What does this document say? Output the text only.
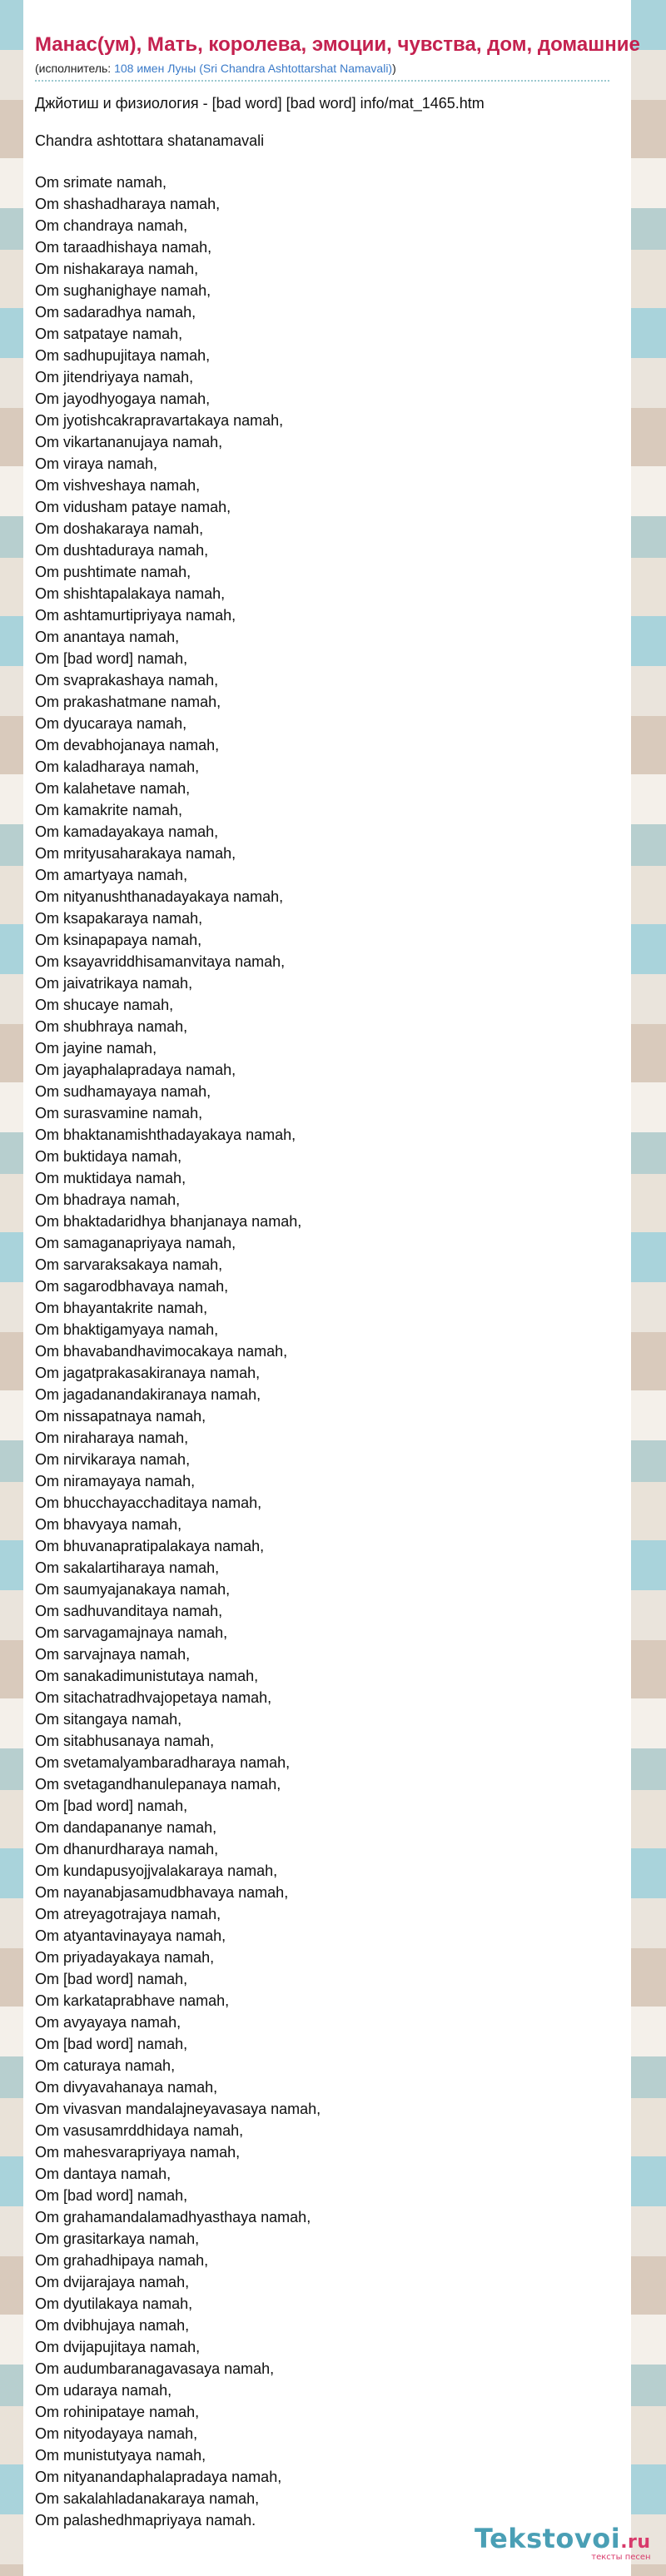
Манас(ум), Мать, королева, эмоции, чувства, дом, домашние
(исполнитель: 108 имен Луны (Sri Chandra Ashtottarshat Namavali))
Джйотиш и физиология - [bad word] [bad word] info/mat_1465.htm
Chandra ashtottara shatanamavali
Om srimate namah,
Om shashadharaya namah,
Om chandraya namah,
Om taraadhishaya namah,
Om nishakaraya namah,
Om sughanighaye namah,
Om sadaradhya namah,
Om satpataye namah,
Om sadhupujitaya namah,
Om jitendriyaya namah,
Om jayodhyogaya namah,
Om jyotishcakrapravartakaya namah,
Om vikartananujaya namah,
Om viraya namah,
Om vishveshaya namah,
Om vidusham pataye namah,
Om doshakaraya namah,
Om dushtaduraya namah,
Om pushtimate namah,
Om shishtapalakaya namah,
Om ashtamurtipriyaya namah,
Om anantaya namah,
Om [bad word] namah,
Om svaprakashaya namah,
Om prakashatmane namah,
Om dyucaraya namah,
Om devabhojanaya namah,
Om kaladharaya namah,
Om kalahetave namah,
Om kamakrite namah,
Om kamadayakaya namah,
Om mrityusaharakaya namah,
Om amartyaya namah,
Om nityanushthanadayakaya namah,
Om ksapakaraya namah,
Om ksinapapaya namah,
Om ksayavriddhisamanvitaya namah,
Om jaivatrikaya namah,
Om shucaye namah,
Om shubhraya namah,
Om jayine namah,
Om jayaphalapradaya namah,
Om sudhamayaya namah,
Om surasvamine namah,
Om bhaktanamishthadayakaya namah,
Om buktidaya namah,
Om muktidaya namah,
Om bhadraya namah,
Om bhaktadaridhya bhanjanaya namah,
Om samaganapriyaya namah,
Om sarvaraksakaya namah,
Om sagarodbhavaya namah,
Om bhayantakrite namah,
Om bhaktigamyaya namah,
Om bhavabandhavimocakaya namah,
Om jagatprakasakiranaya namah,
Om jagadanandakiranaya namah,
Om nissapatnaya namah,
Om niraharaya namah,
Om nirvikaraya namah,
Om niramayaya namah,
Om bhucchayacchaditaya namah,
Om bhavyaya namah,
Om bhuvanapratipalakaya namah,
Om sakalartiharaya namah,
Om saumyajanakaya namah,
Om sadhuvanditaya namah,
Om sarvagamajnaya namah,
Om sarvajnaya namah,
Om sanakadimunistutaya namah,
Om sitachatradhvajopetaya namah,
Om sitangaya namah,
Om sitabhusanaya namah,
Om svetamalyambaradharaya namah,
Om svetagandhanulepanaya namah,
Om [bad word] namah,
Om dandapananye namah,
Om dhanurdharaya namah,
Om kundapusyojjvalakaraya namah,
Om nayanabjasamudbhavaya namah,
Om atreyagotrajaya namah,
Om atyantavinayaya namah,
Om priyadayakaya namah,
Om [bad word] namah,
Om karkataprabhave namah,
Om avyayaya namah,
Om [bad word] namah,
Om caturaya namah,
Om divyavahanaya namah,
Om vivasvan mandalajneyavasaya namah,
Om vasusamrddhidaya namah,
Om mahesvarapriyaya namah,
Om dantaya namah,
Om [bad word] namah,
Om grahamandalamadhyasthaya namah,
Om grasitarkaya namah,
Om grahadhipaya namah,
Om dvijarajaya namah,
Om dyutilakaya namah,
Om dvibhujaya namah,
Om dvijapujitaya namah,
Om audumbaranagavasaya namah,
Om udaraya namah,
Om rohinipataye namah,
Om nityodayaya namah,
Om munistutyaya namah,
Om nityanandaphalapradaya namah,
Om sakalahladanakaraya namah,
Om palashedhmapriyaya namah.
Tekstovoi.ru
тексты песен
